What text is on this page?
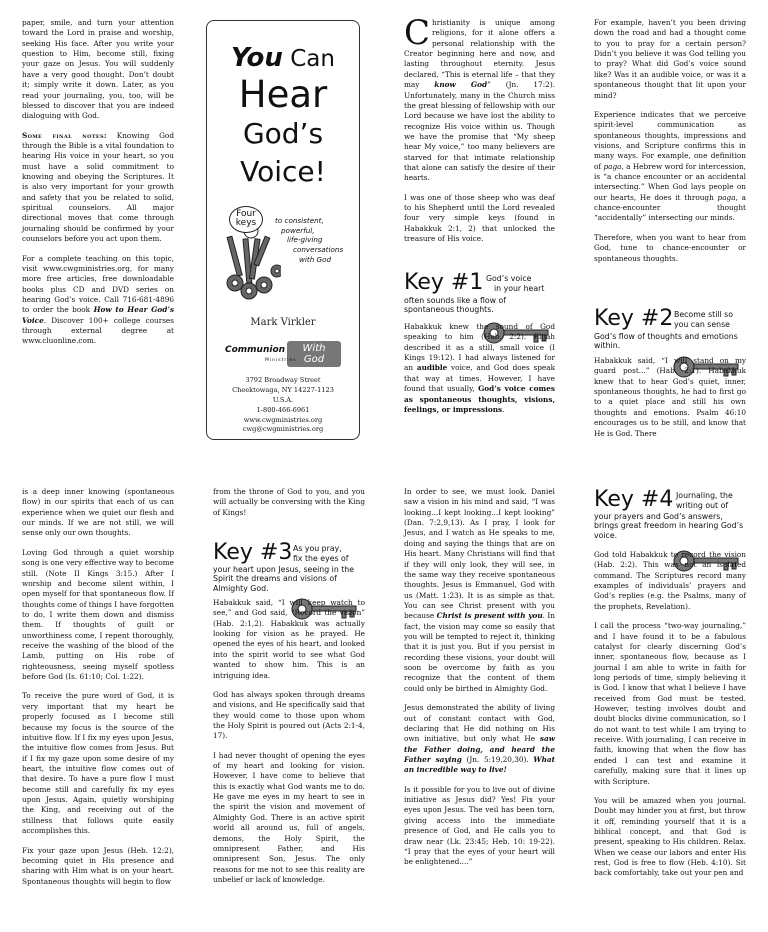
paper, smile, and turn your attention toward the Lord in praise and worship, seeking His face. After you write your question to Him, become still, fixing your gaze on Jesus. You will suddenly have a very good thought. Don’t doubt it; simply write it down. Later, as you read your journaling, you, too, will be blessed to discover that you are indeed dialoguing with God.

Some final notes: Knowing God through the Bible is a vital foundation to hearing His voice in your heart, so you must have a solid commitment to knowing and obeying the Scriptures. It is also very important for your growth and safety that you be related to solid, spiritual counselors. All major directional moves that come through journaling should be confirmed by your counselors before you act upon them.

For a complete teaching on this topic, visit www.cwgministries.org, for many more free articles, free downloadable books plus CD and DVD series on hearing God’s voice. Call 716-681-4896 to order the book How to Hear God’s Voice. Discover 100+ college courses through external degree at www.cluonline.com.

You Can
Hear
God’s
Voice!
Four
keys	to consistent,
powerful,
life-giving
conversations
with God
Mark Virkler
Communion	With God
Ministries
3792 Broadway Street
Cheektowaga, NY 14227-1123
U.S.A.
1-800-466-6961
www.cwgministries.org
cwg@cwgministries.org

Christianity is unique among religions, for it alone offers a personal relationship with the Creator beginning here and now, and lasting throughout eternity. Jesus declared, “This is eternal life – that they may know God” (Jn. 17:2). Unfortunately, many in the Church miss the great blessing of fellowship with our Lord because we have lost the ability to recognize His voice within us. Though we have the promise that “My sheep hear My voice,” too many believers are starved for that intimate relationship that alone can satisfy the desire of their hearts.

I was one of those sheep who was deaf to his Shepherd until the Lord revealed four very simple keys (found in Habakkuk 2:1, 2) that unlocked the treasure of His voice.

Key #1 God’s voice
in your heart
often sounds like a flow of spontaneous thoughts.

Habakkuk knew the sound of God speaking to him (Hab. 2:2). Elijah described it as a still, small voice (I Kings 19:12). I had always listened for an audible voice, and God does speak that way at times. However, I have found that usually, God’s voice comes as spontaneous thoughts, visions, feelings, or impressions.

For example, haven’t you been driving down the road and had a thought come to you to pray for a certain person? Didn’t you believe it was God telling you to pray? What did God’s voice sound like? Was it an audible voice, or was it a spontaneous thought that lit upon your mind?

Experience indicates that we perceive spirit-level communication as spontaneous thoughts, impressions and visions, and Scripture confirms this in many ways. For example, one definition of paga, a Hebrew word for intercession, is “a chance encounter or an accidental intersecting.” When God lays people on our hearts, He does it through paga, a chance-encounter thought “accidentally” intersecting our minds.

Therefore, when you want to hear from God, tune to chance-encounter or spontaneous thoughts.

Key #2 Become still so
you can sense
God’s flow of thoughts and emotions within.

Habakkuk said, “I will stand on my guard post...” (Hab. 2:1). Habakkuk knew that to hear God’s quiet, inner, spontaneous thoughts, he had to first go to a quiet place and still his own thoughts and emotions. Psalm 46:10 encourages us to be still, and know that He is God. There

is a deep inner knowing (spontaneous flow) in our spirits that each of us can experience when we quiet our flesh and our minds. If we are not still, we will sense only our own thoughts.

Loving God through a quiet worship song is one very effective way to become still. (Note II Kings 3:15.) After I worship and become silent within, I open myself for that spontaneous flow. If thoughts come of things I have forgotten to do, I write them down and dismiss them. If thoughts of guilt or unworthiness come, I repent thoroughly, receive the washing of the blood of the Lamb, putting on His robe of righteousness, seeing myself spotless before God (Is. 61:10; Col. 1:22).

To receive the pure word of God, it is very important that my heart be properly focused as I become still because my focus is the source of the intuitive flow. If I fix my eyes upon Jesus, the intuitive flow comes from Jesus. But if I fix my gaze upon some desire of my heart, the intuitive flow comes out of that desire. To have a pure flow I must become still and carefully fix my eyes upon Jesus. Again, quietly worshiping the King, and receiving out of the stillness that follows quite easily accomplishes this.

Fix your gaze upon Jesus (Heb. 12:2), becoming quiet in His presence and sharing with Him what is on your heart. Spontaneous thoughts will begin to flow

from the throne of God to you, and you will actually be conversing with the King of Kings!

Key #3 As you pray,
fix the eyes of
your heart upon Jesus, seeing in the Spirit the dreams and visions of Almighty God.

Habakkuk said, “I will keep watch to see,” and God said, “Record the vision” (Hab. 2:1,2). Habakkuk was actually looking for vision as he prayed. He opened the eyes of his heart, and looked into the spirit world to see what God wanted to show him. This is an intriguing idea.

God has always spoken through dreams and visions, and He specifically said that they would come to those upon whom the Holy Spirit is poured out (Acts 2:1-4, 17).

I had never thought of opening the eyes of my heart and looking for vision. However, I have come to believe that this is exactly what God wants me to do. He gave me eyes in my heart to see in the spirit the vision and movement of Almighty God. There is an active spirit world all around us, full of angels, demons, the Holy Spirit, the omnipresent Father, and His omnipresent Son, Jesus. The only reasons for me not to see this reality are unbelief or lack of knowledge.

In order to see, we must look. Daniel saw a vision in his mind and said, “I was looking...I kept looking...I kept looking” (Dan. 7:2,9,13). As I pray, I look for Jesus, and I watch as He speaks to me, doing and saying the things that are on His heart. Many Christians will find that if they will only look, they will see, in the same way they receive spontaneous thoughts. Jesus is Emmanuel, God with us (Matt. 1:23). It is as simple as that. You can see Christ present with you because Christ is present with you. In fact, the vision may come so easily that you will be tempted to reject it, thinking that it is just you. But if you persist in recording these visions, your doubt will soon be overcome by faith as you recognize that the content of them could only be birthed in Almighty God.

Jesus demonstrated the ability of living out of constant contact with God, declaring that He did nothing on His own initiative, but only what He saw the Father doing, and heard the Father saying (Jn. 5:19,20,30). What an incredible way to live!

Is it possible for you to live out of divine initiative as Jesus did? Yes! Fix your eyes upon Jesus. The veil has been torn, giving access into the immediate presence of God, and He calls you to draw near (Lk. 23:45; Heb. 10: 19-22). “I pray that the eyes of your heart will be enlightened....”

Key #4 Journaling, the
writing out of
your prayers and God’s answers, brings great freedom in hearing God’s voice.

God told Habakkuk to record the vision (Hab. 2:2). This was not an isolated command. The Scriptures record many examples of individuals’ prayers and God’s replies (e.g. the Psalms, many of the prophets, Revelation).

I call the process “two-way journaling,” and I have found it to be a fabulous catalyst for clearly discerning God’s inner, spontaneous flow, because as I journal I am able to write in faith for long periods of time, simply believing it is God. I know that what I believe I have received from God must be tested. However, testing involves doubt and doubt blocks divine communication, so I do not want to test while I am trying to receive. With journaling, I can receive in faith, knowing that when the flow has ended I can test and examine it carefully, making sure that it lines up with Scripture.

You will be amazed when you journal. Doubt may hinder you at first, but throw it off, reminding yourself that it is a biblical concept, and that God is present, speaking to His children. Relax. When we cease our labors and enter His rest, God is free to flow (Heb. 4:10). Sit back comfortably, take out your pen and
